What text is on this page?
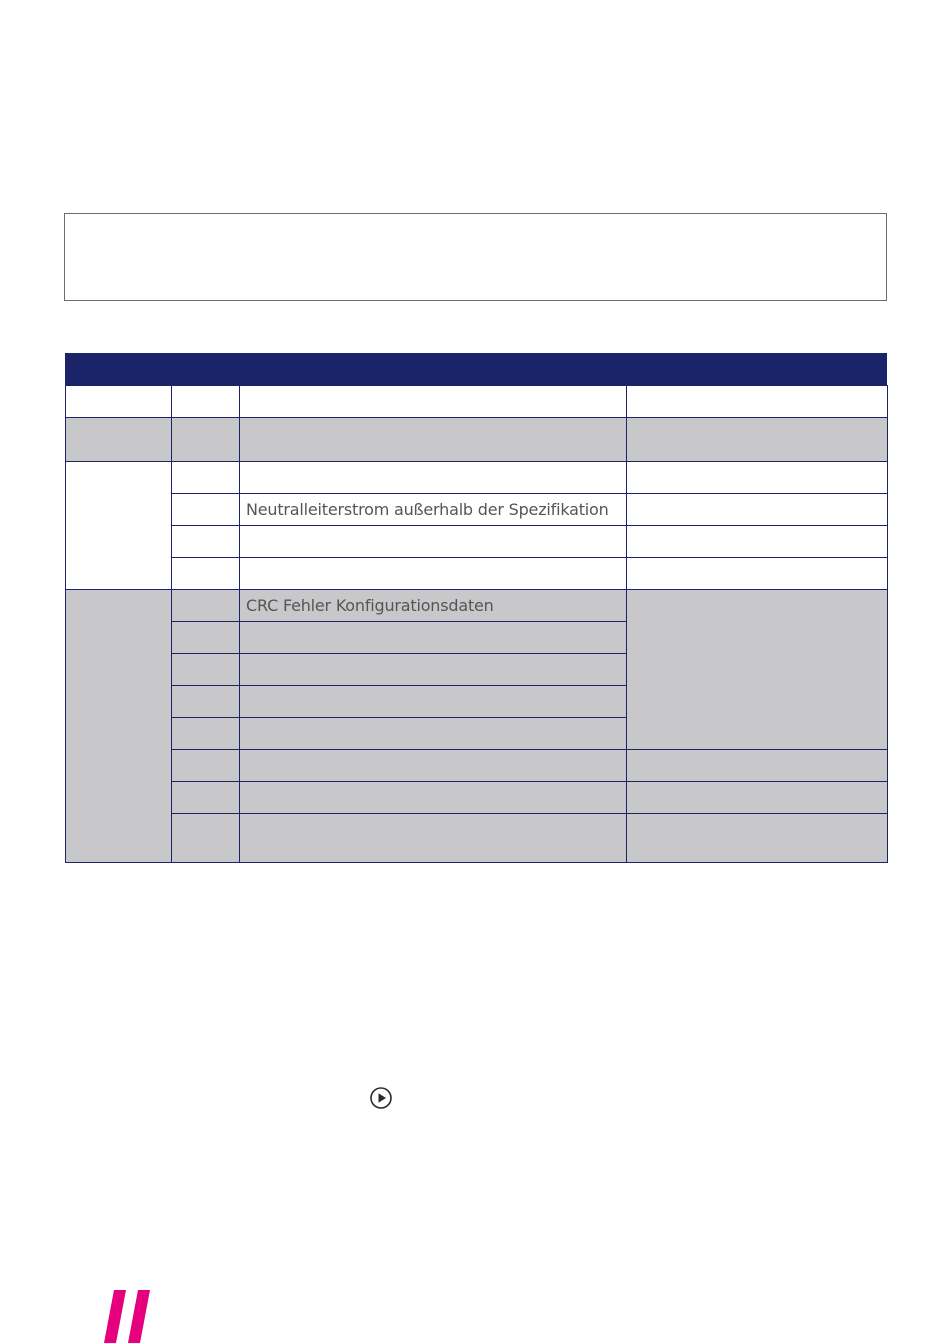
		Neutralleiterstrom außerhalb der Spezifikation	

		CRC Fehler Konfigurationsdaten	
